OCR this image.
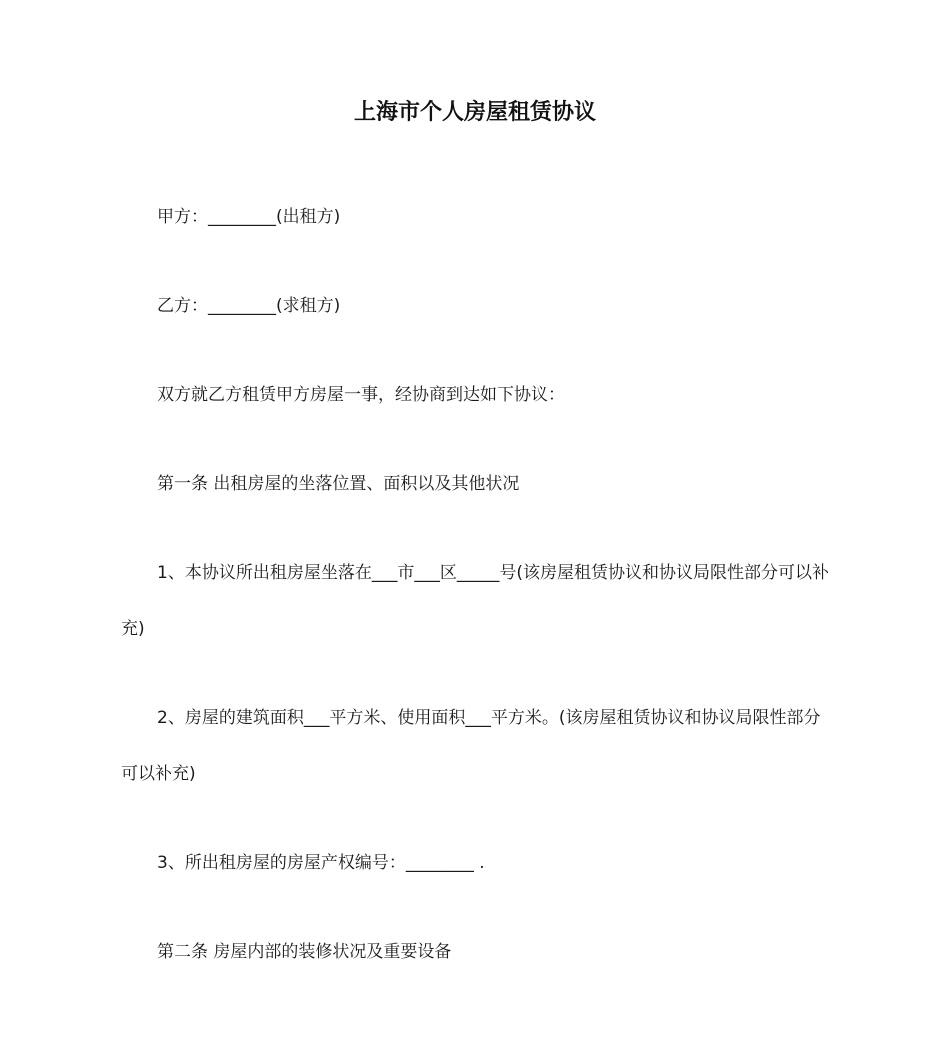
上海市个人房屋租赁协议
甲方：________(出租方)
乙方：________(求租方)
双方就乙方租赁甲方房屋一事，经协商到达如下协议：
第一条 出租房屋的坐落位置、面积以及其他状况
1、本协议所出租房屋坐落在___市___区_____号(该房屋租赁协议和协议局限性部分可以补充)
2、房屋的建筑面积___平方米、使用面积___平方米。(该房屋租赁协议和协议局限性部分可以补充)
3、所出租房屋的房屋产权编号：________ .
第二条 房屋内部的装修状况及重要设备
